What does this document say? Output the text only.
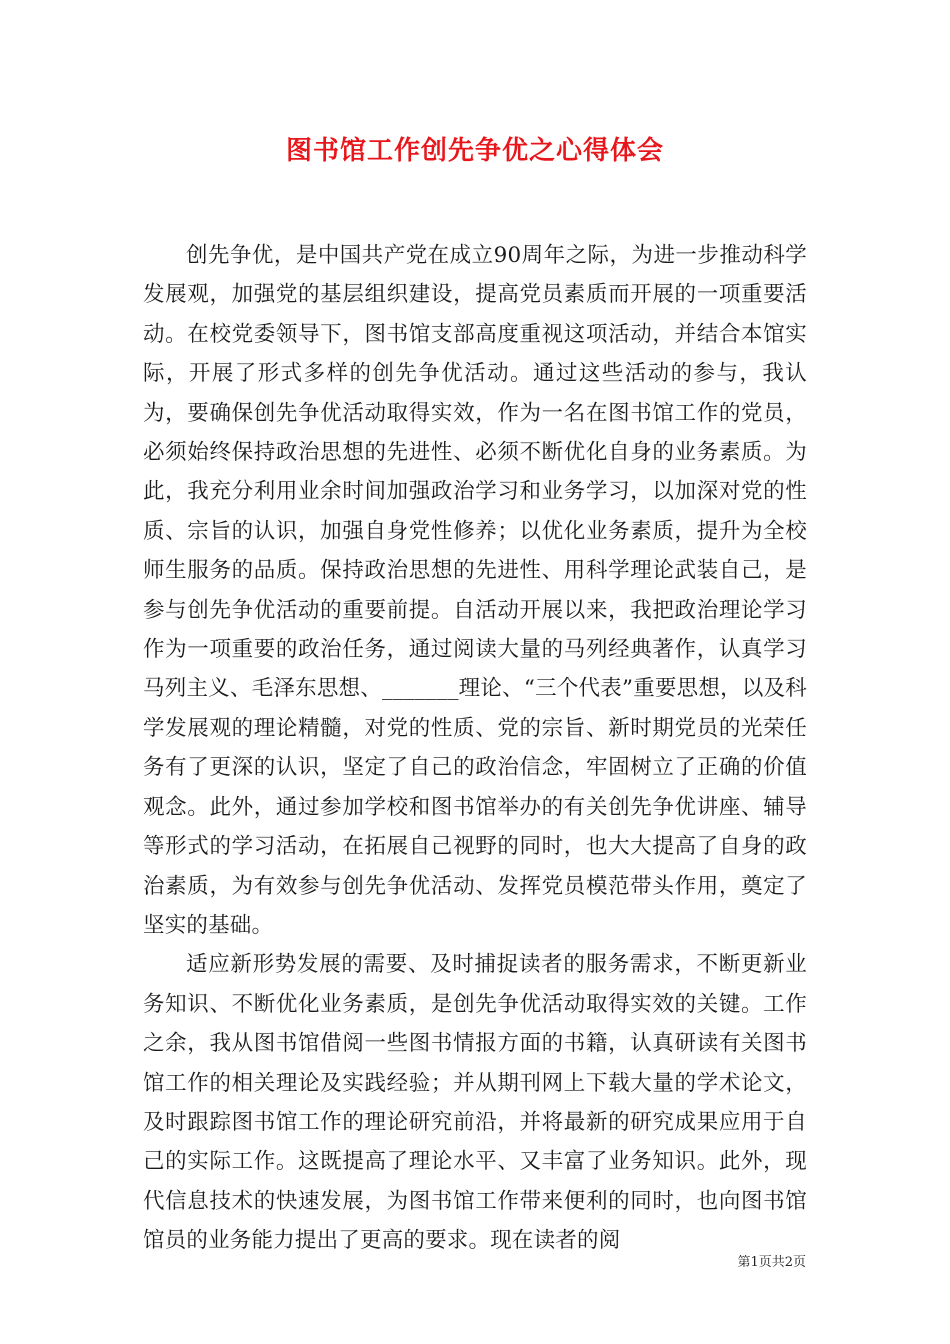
图书馆工作创先争优之心得体会

创先争优，是中国共产党在成立90周年之际，为进一步推动科学发展观，加强党的基层组织建设，提高党员素质而开展的一项重要活动。在校党委领导下，图书馆支部高度重视这项活动，并结合本馆实际，开展了形式多样的创先争优活动。通过这些活动的参与，我认为，要确保创先争优活动取得实效，作为一名在图书馆工作的党员，必须始终保持政治思想的先进性、必须不断优化自身的业务素质。为此，我充分利用业余时间加强政治学习和业务学习，以加深对党的性质、宗旨的认识，加强自身党性修养；以优化业务素质，提升为全校师生服务的品质。保持政治思想的先进性、用科学理论武装自己，是参与创先争优活动的重要前提。自活动开展以来，我把政治理论学习作为一项重要的政治任务，通过阅读大量的马列经典著作，认真学习马列主义、毛泽东思想、_______理论、“三个代表”重要思想，以及科学发展观的理论精髓，对党的性质、党的宗旨、新时期党员的光荣任务有了更深的认识，坚定了自己的政治信念，牢固树立了正确的价值观念。此外，通过参加学校和图书馆举办的有关创先争优讲座、辅导等形式的学习活动，在拓展自己视野的同时，也大大提高了自身的政治素质，为有效参与创先争优活动、发挥党员模范带头作用，奠定了坚实的基础。

适应新形势发展的需要、及时捕捉读者的服务需求，不断更新业务知识、不断优化业务素质，是创先争优活动取得实效的关键。工作之余，我从图书馆借阅一些图书情报方面的书籍，认真研读有关图书馆工作的相关理论及实践经验；并从期刊网上下载大量的学术论文，及时跟踪图书馆工作的理论研究前沿，并将最新的研究成果应用于自己的实际工作。这既提高了理论水平、又丰富了业务知识。此外，现代信息技术的快速发展，为图书馆工作带来便利的同时，也向图书馆馆员的业务能力提出了更高的要求。现在读者的阅

第1页共2页
